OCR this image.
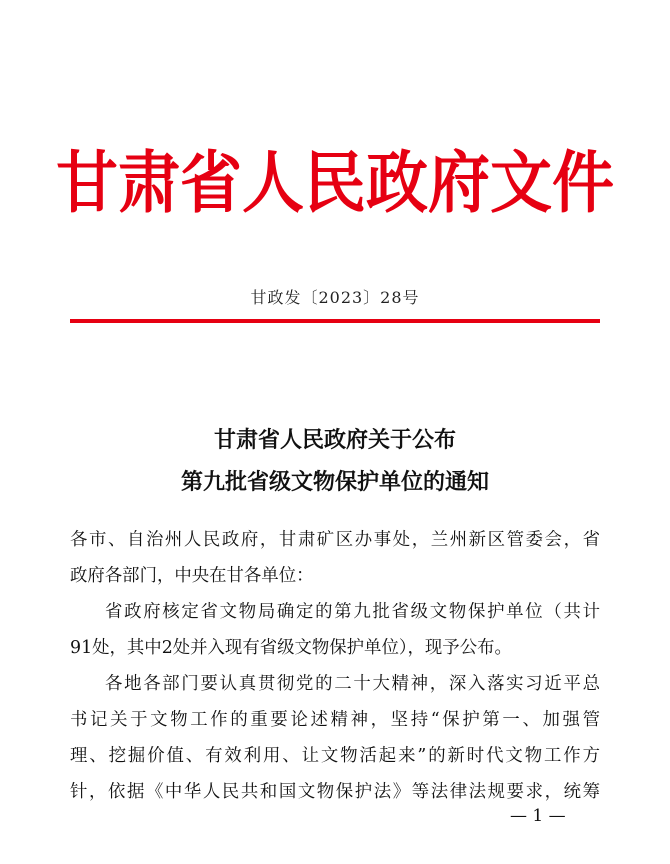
甘肃省人民政府文件
甘政发〔2023〕28号
甘肃省人民政府关于公布
第九批省级文物保护单位的通知
各市、自治州人民政府，甘肃矿区办事处，兰州新区管委会，省
政府各部门，中央在甘各单位：
省政府核定省文物局确定的第九批省级文物保护单位（共计
91处，其中2处并入现有省级文物保护单位），现予公布。
各地各部门要认真贯彻党的二十大精神，深入落实习近平总
书记关于文物工作的重要论述精神，坚持“保护第一、加强管
理、挖掘价值、有效利用、让文物活起来”的新时代文物工作方
针，依据《中华人民共和国文物保护法》等法律法规要求，统筹
— 1 —
